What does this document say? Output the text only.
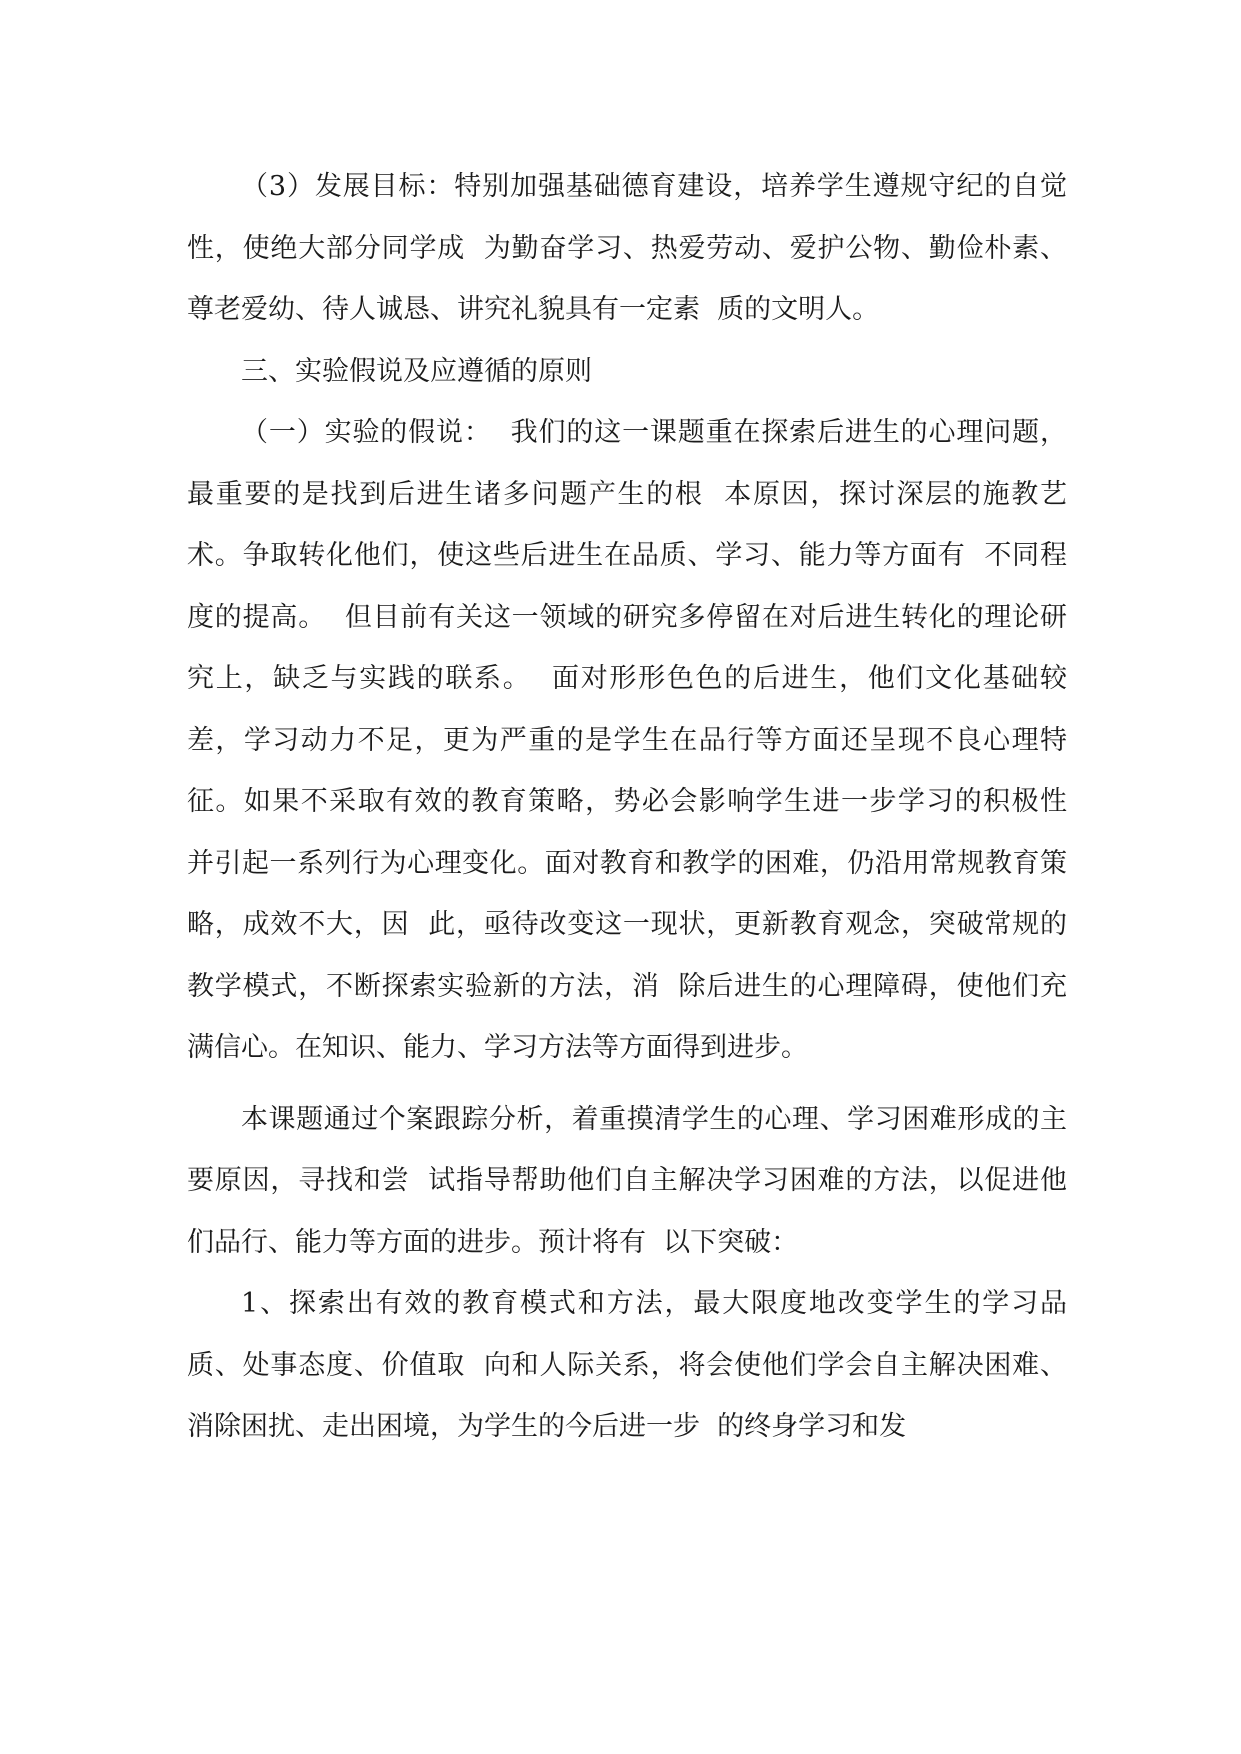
（3）发展目标：特别加强基础德育建设，培养学生遵规守纪的自觉性，使绝大部分同学成  为勤奋学习、热爱劳动、爱护公物、勤俭朴素、尊老爱幼、待人诚恳、讲究礼貌具有一定素  质的文明人。

三、实验假说及应遵循的原则

（一）实验的假说：  我们的这一课题重在探索后进生的心理问题，最重要的是找到后进生诸多问题产生的根  本原因，探讨深层的施教艺术。争取转化他们，使这些后进生在品质、学习、能力等方面有  不同程度的提高。  但目前有关这一领域的研究多停留在对后进生转化的理论研究上，缺乏与实践的联系。  面对形形色色的后进生，他们文化基础较差，学习动力不足，更为严重的是学生在品行等方面还呈现不良心理特征。如果不采取有效的教育策略，势必会影响学生进一步学习的积极性  并引起一系列行为心理变化。面对教育和教学的困难，仍沿用常规教育策略，成效不大，因  此，亟待改变这一现状，更新教育观念，突破常规的教学模式，不断探索实验新的方法，消  除后进生的心理障碍，使他们充满信心。在知识、能力、学习方法等方面得到进步。

本课题通过个案跟踪分析，着重摸清学生的心理、学习困难形成的主要原因，寻找和尝  试指导帮助他们自主解决学习困难的方法，以促进他们品行、能力等方面的进步。预计将有  以下突破：

1、探索出有效的教育模式和方法，最大限度地改变学生的学习品质、处事态度、价值取  向和人际关系，将会使他们学会自主解决困难、消除困扰、走出困境，为学生的今后进一步  的终身学习和发
